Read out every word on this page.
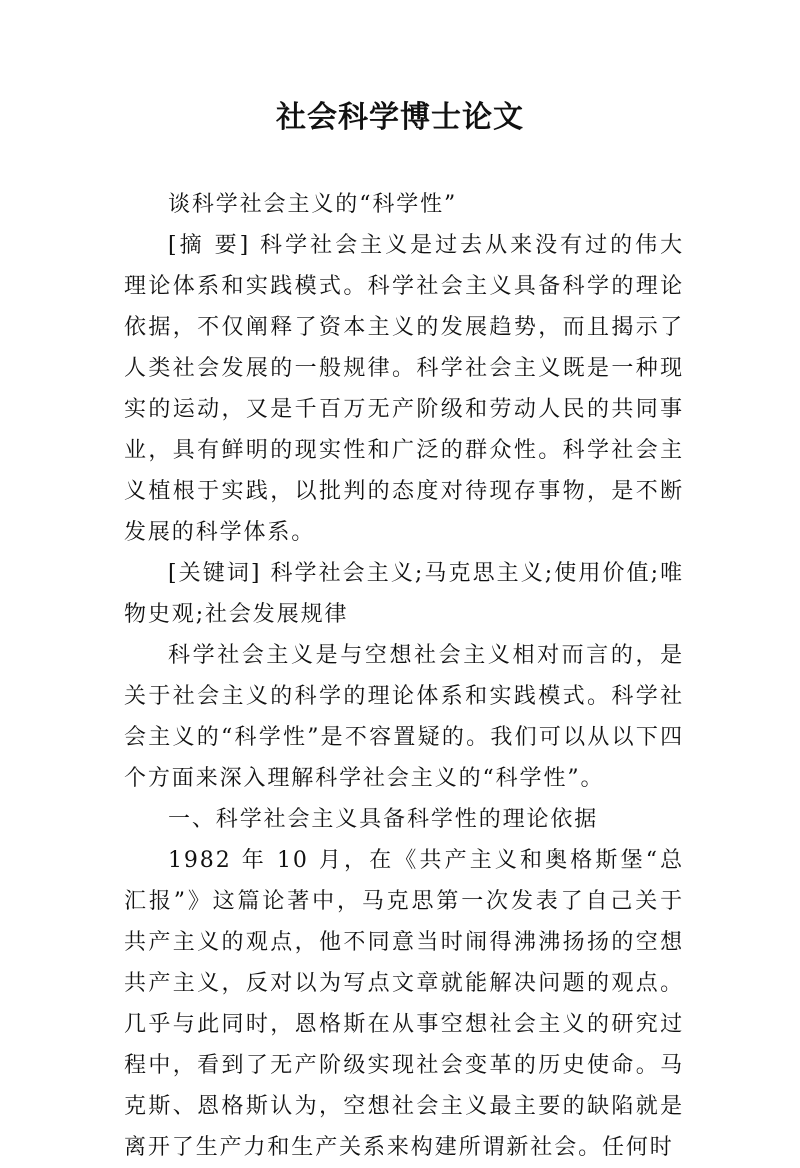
社会科学博士论文

谈科学社会主义的“科学性”

[摘 要] 科学社会主义是过去从来没有过的伟大理论体系和实践模式。科学社会主义具备科学的理论依据，不仅阐释了资本主义的发展趋势，而且揭示了人类社会发展的一般规律。科学社会主义既是一种现实的运动，又是千百万无产阶级和劳动人民的共同事业，具有鲜明的现实性和广泛的群众性。科学社会主义植根于实践，以批判的态度对待现存事物，是不断发展的科学体系。

[关键词] 科学社会主义;马克思主义;使用价值;唯物史观;社会发展规律

科学社会主义是与空想社会主义相对而言的，是关于社会主义的科学的理论体系和实践模式。科学社会主义的“科学性”是不容置疑的。我们可以从以下四个方面来深入理解科学社会主义的“科学性”。

一、科学社会主义具备科学性的理论依据

1982 年 10 月，在《共产主义和奥格斯堡“总汇报”》这篇论著中，马克思第一次发表了自己关于共产主义的观点，他不同意当时闹得沸沸扬扬的空想共产主义，反对以为写点文章就能解决问题的观点。几乎与此同时，恩格斯在从事空想社会主义的研究过程中，看到了无产阶级实现社会变革的历史使命。马克斯、恩格斯认为，空想社会主义最主要的缺陷就是离开了生产力和生产关系来构建所谓新社会。任何时
